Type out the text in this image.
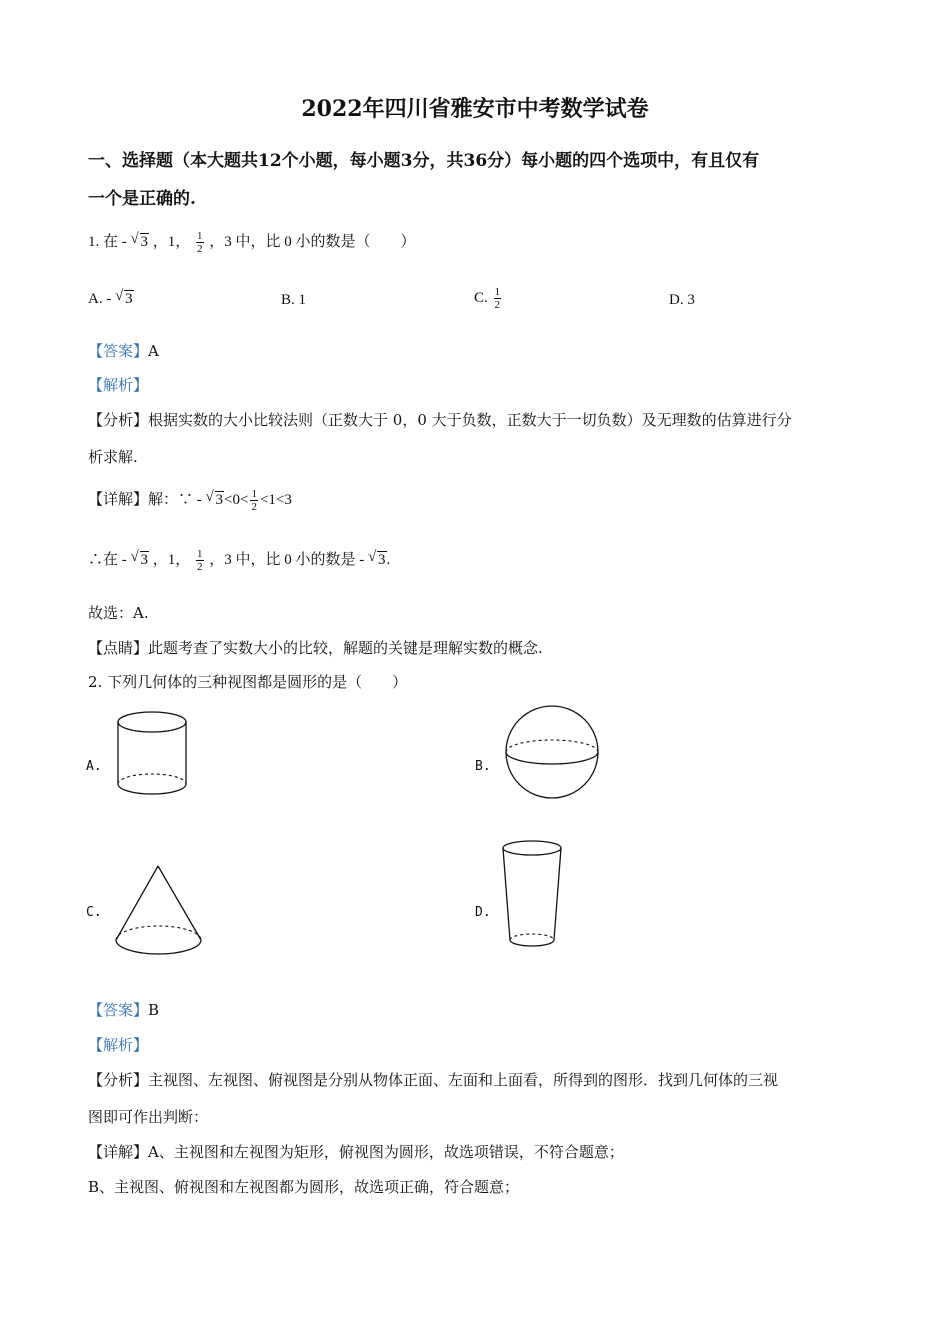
2022年四川省雅安市中考数学试卷
一、选择题（本大题共12个小题，每小题3分，共36分）每小题的四个选项中，有且仅有
一个是正确的.
1. 在 - √ 3 ，1， $\frac{1}{2}$ ，3 中，比 0 小的数是（　　）
A. - √ 3	B. 1	C. $\frac{1}{2}$	D. 3
【答案】A
【解析】
【分析】根据实数的大小比较法则（正数大于 0，0 大于负数，正数大于一切负数）及无理数的估算进行分
析求解.
【详解】解：∵ - √ $3<0< \frac{1}{2} <1<3$
∴在 - √ 3 ，1， $\frac{1}{2}$ ，3 中，比 0 小的数是 - √ 3.
故选：A.
【点睛】此题考查了实数大小的比较，解题的关键是理解实数的概念.
2. 下列几何体的三种视图都是圆形的是（　　）
A.	B.
C.	D.
【答案】B
【解析】
【分析】主视图、左视图、俯视图是分别从物体正面、左面和上面看，所得到的图形．找到几何体的三视
图即可作出判断：
【详解】A、主视图和左视图为矩形，俯视图为圆形，故选项错误，不符合题意；
B、主视图、俯视图和左视图都为圆形，故选项正确，符合题意；
